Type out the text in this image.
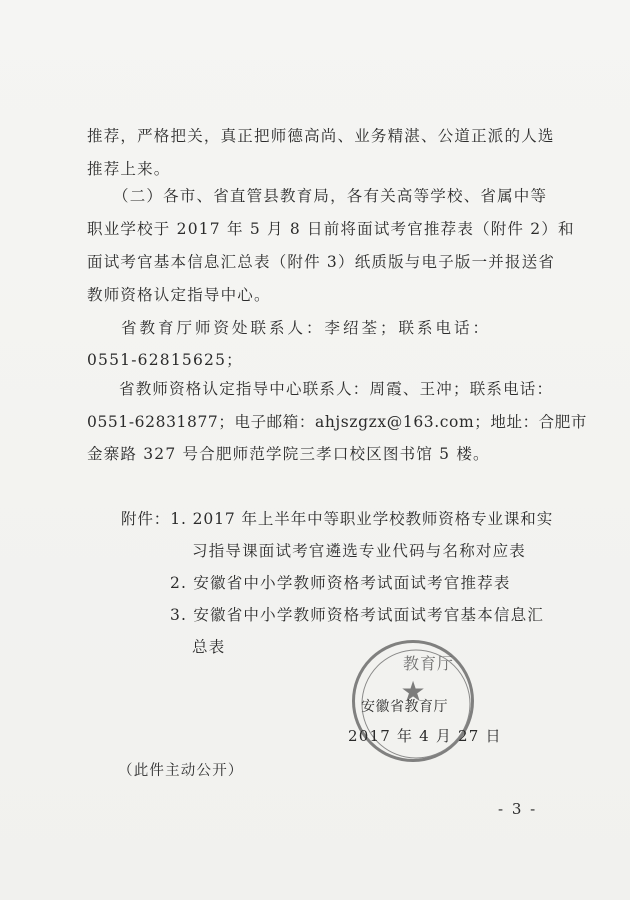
推荐，严格把关，真正把师德高尚、业务精湛、公道正派的人选
推荐上来。
（二）各市、省直管县教育局，各有关高等学校、省属中等
职业学校于 2017 年 5 月 8 日前将面试考官推荐表（附件 2）和
面试考官基本信息汇总表（附件 3）纸质版与电子版一并报送省
教师资格认定指导中心。
省教育厅师资处联系人：李绍荃；联系电话：
0551-62815625；
省教师资格认定指导中心联系人：周霞、王冲；联系电话：
0551-62831877；电子邮箱：ahjszgzx@163.com；地址：合肥市
金寨路 327 号合肥师范学院三孝口校区图书馆 5 楼。
附件：1. 2017 年上半年中等职业学校教师资格专业课和实
习指导课面试考官遴选专业代码与名称对应表
2. 安徽省中小学教师资格考试面试考官推荐表
3. 安徽省中小学教师资格考试面试考官基本信息汇
总表
★
教育厅
安徽省教育厅
2017 年 4 月 27 日
（此件主动公开）
- 3 -
